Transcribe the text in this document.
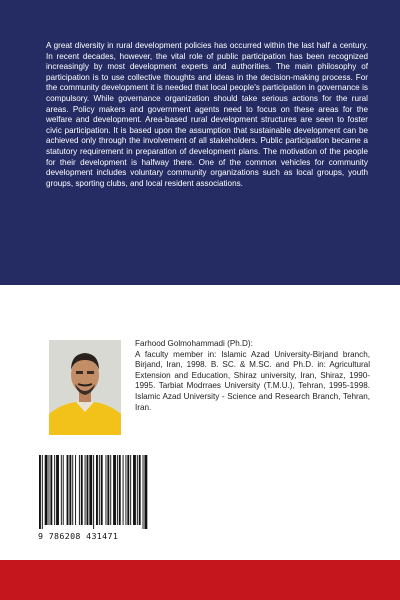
A great diversity in rural development policies has occurred within the last half a century. In recent decades, however, the vital role of public participation has been recognized increasingly by most development experts and authorities. The main philosophy of participation is to use collective thoughts and ideas in the decision-making process. For the community development it is needed that local people's participation in governance is compulsory. While governance organization should take serious actions for the rural areas. Policy makers and government agents need to focus on these areas for the welfare and development. Area-based rural development structures are seen to foster civic participation. It is based upon the assumption that sustainable development can be achieved only through the involvement of all stakeholders. Public participation became a statutory requirement in preparation of development plans. The motivation of the people for their development is halfway there. One of the common vehicles for community development includes voluntary community organizations such as local groups, youth groups, sporting clubs, and local resident associations.

Farhood Golmohammadi (Ph.D):

A faculty member in: Islamic Azad University-Birjand branch, Birjand, Iran, 1998. B. SC. & M.SC. and Ph.D. in: Agricultural Extension and Education, Shiraz university, Iran, Shiraz, 1990-1995. Tarbiat Modrraes University (T.M.U.), Tehran, 1995-1998. Islamic Azad University - Science and Research Branch, Tehran, Iran.

9 786208 431471
